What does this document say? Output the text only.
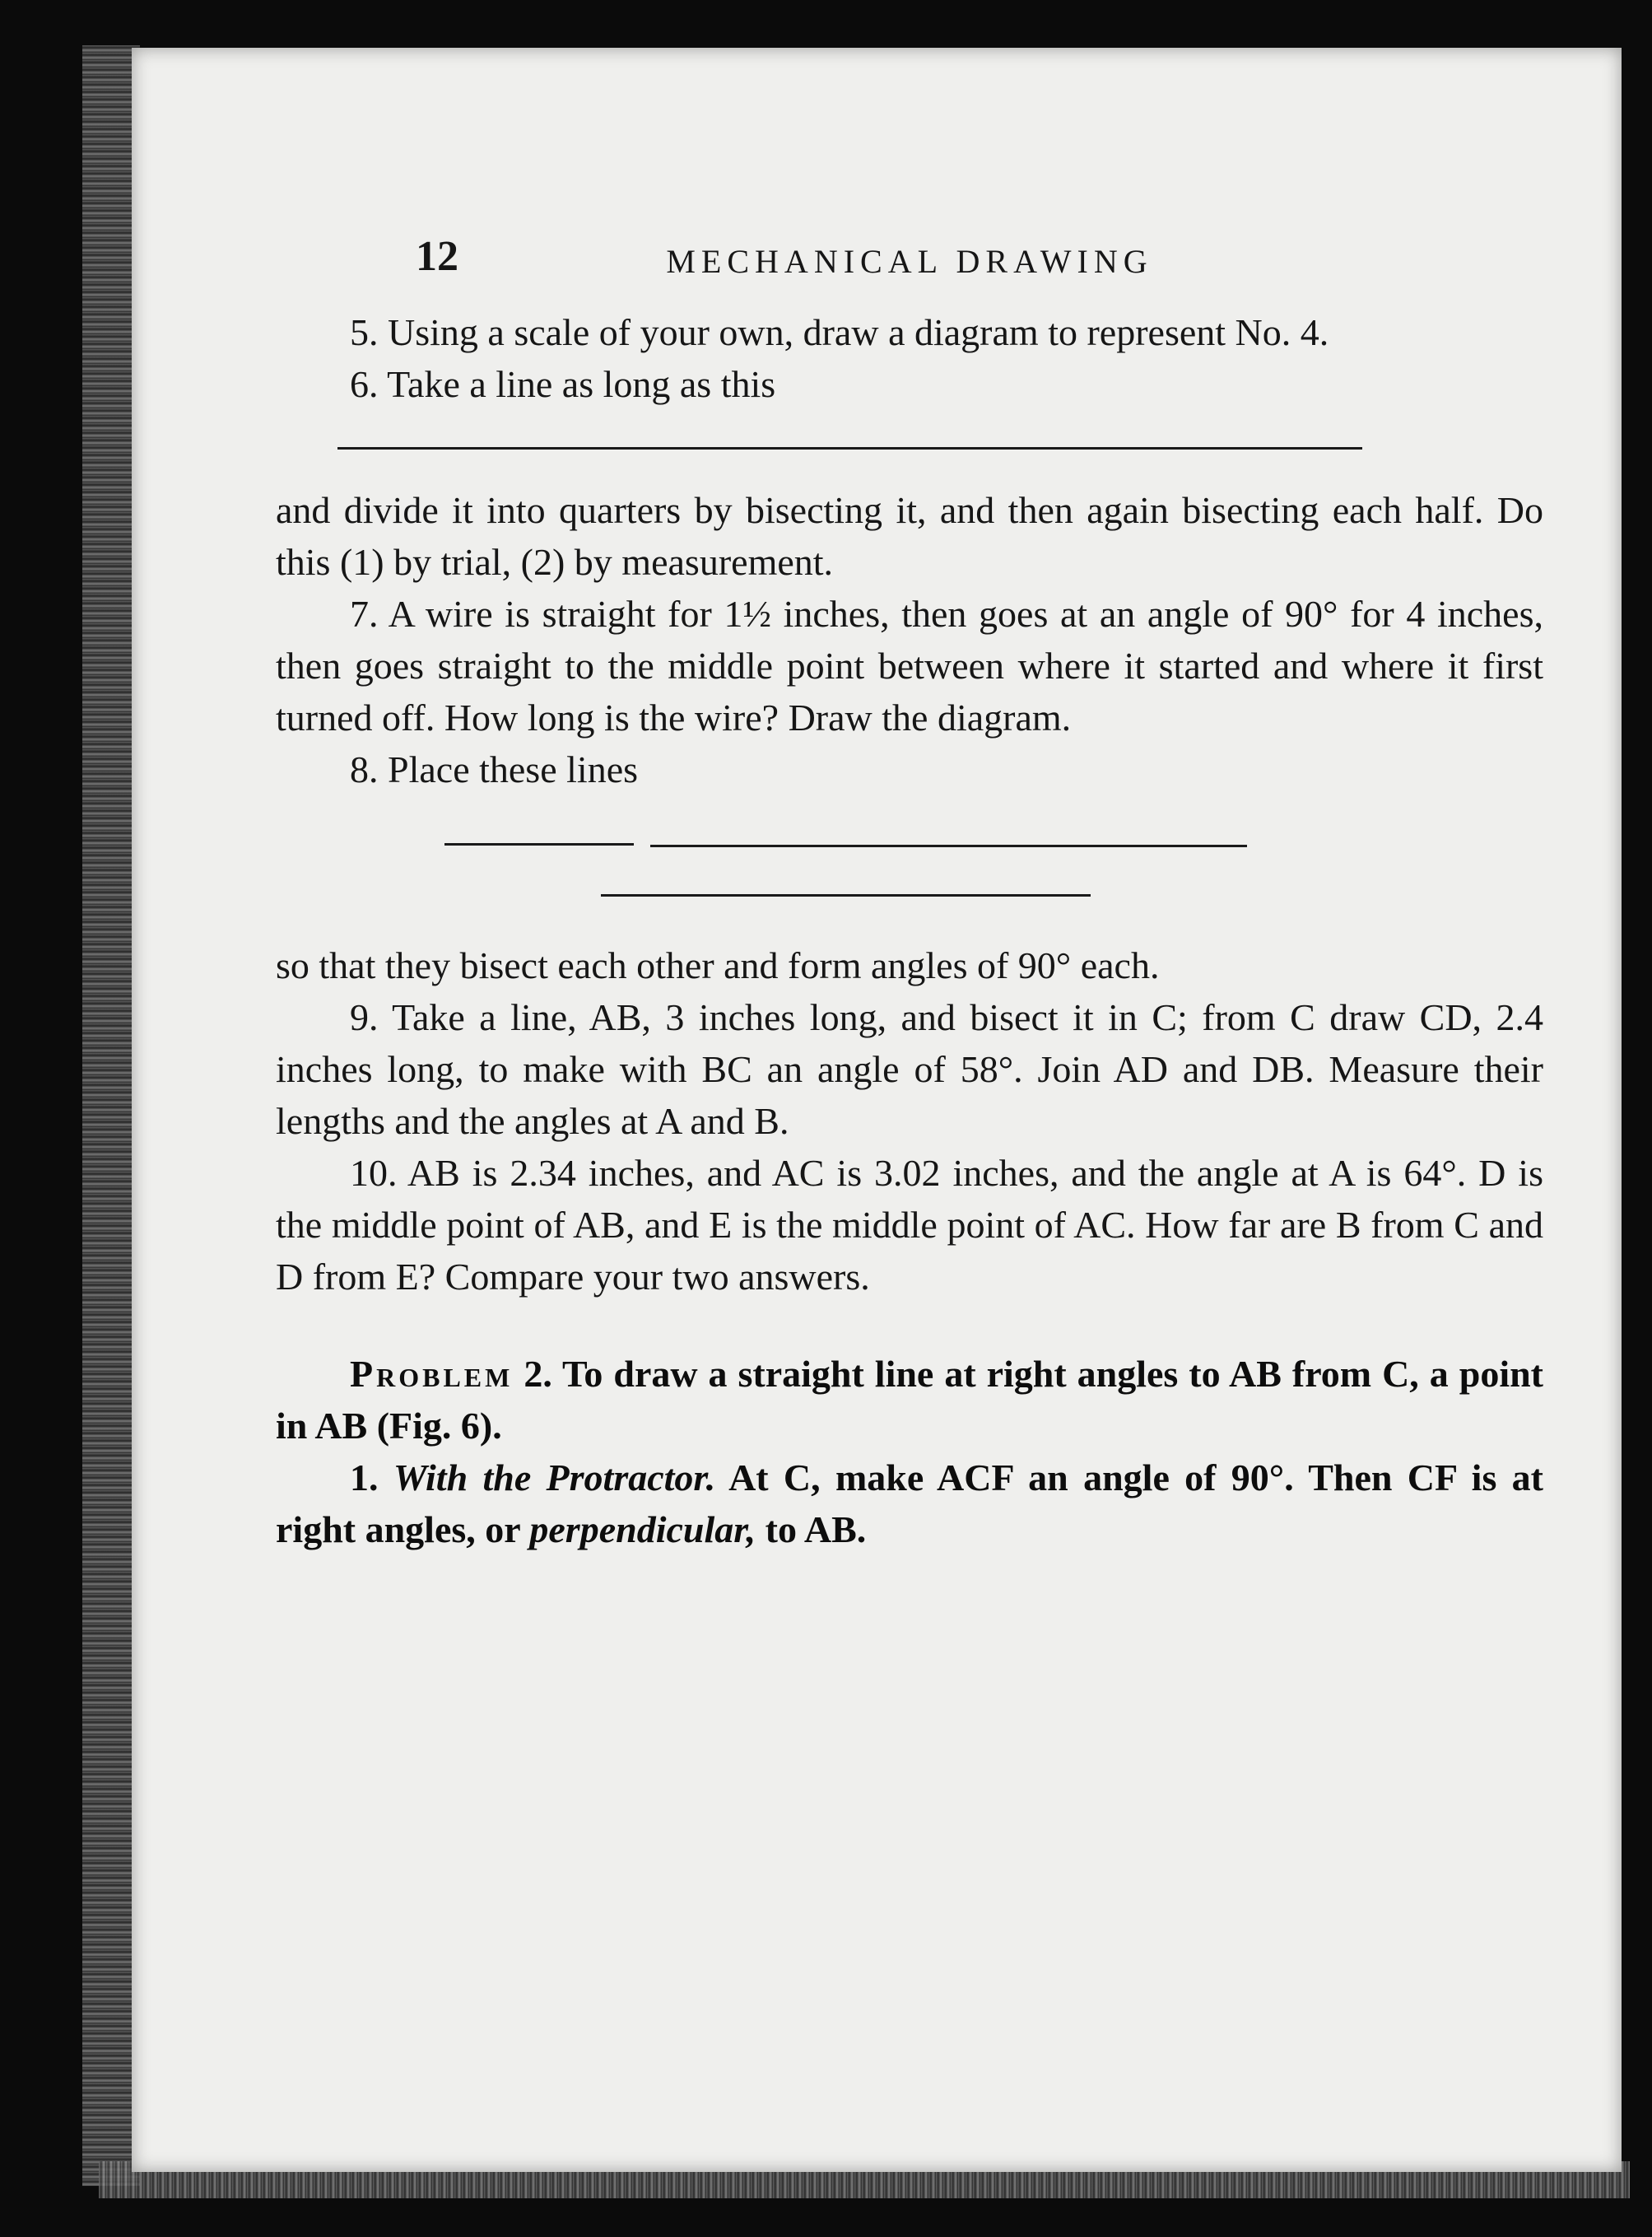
12	MECHANICAL DRAWING

5. Using a scale of your own, draw a diagram to represent No. 4.

6. Take a line as long as this

and divide it into quarters by bisecting it, and then again bisecting each half. Do this (1) by trial, (2) by measurement.

7. A wire is straight for 1½ inches, then goes at an angle of 90° for 4 inches, then goes straight to the middle point between where it started and where it first turned off. How long is the wire? Draw the diagram.

8. Place these lines

so that they bisect each other and form angles of 90° each.

9. Take a line, AB, 3 inches long, and bisect it in C; from C draw CD, 2.4 inches long, to make with BC an angle of 58°. Join AD and DB. Measure their lengths and the angles at A and B.

10. AB is 2.34 inches, and AC is 3.02 inches, and the angle at A is 64°. D is the middle point of AB, and E is the middle point of AC. How far are B from C and D from E? Compare your two answers.

Problem 2. To draw a straight line at right angles to AB from C, a point in AB (Fig. 6).

1. With the Protractor. At C, make ACF an angle of 90°. Then CF is at right angles, or perpendicular, to AB.
